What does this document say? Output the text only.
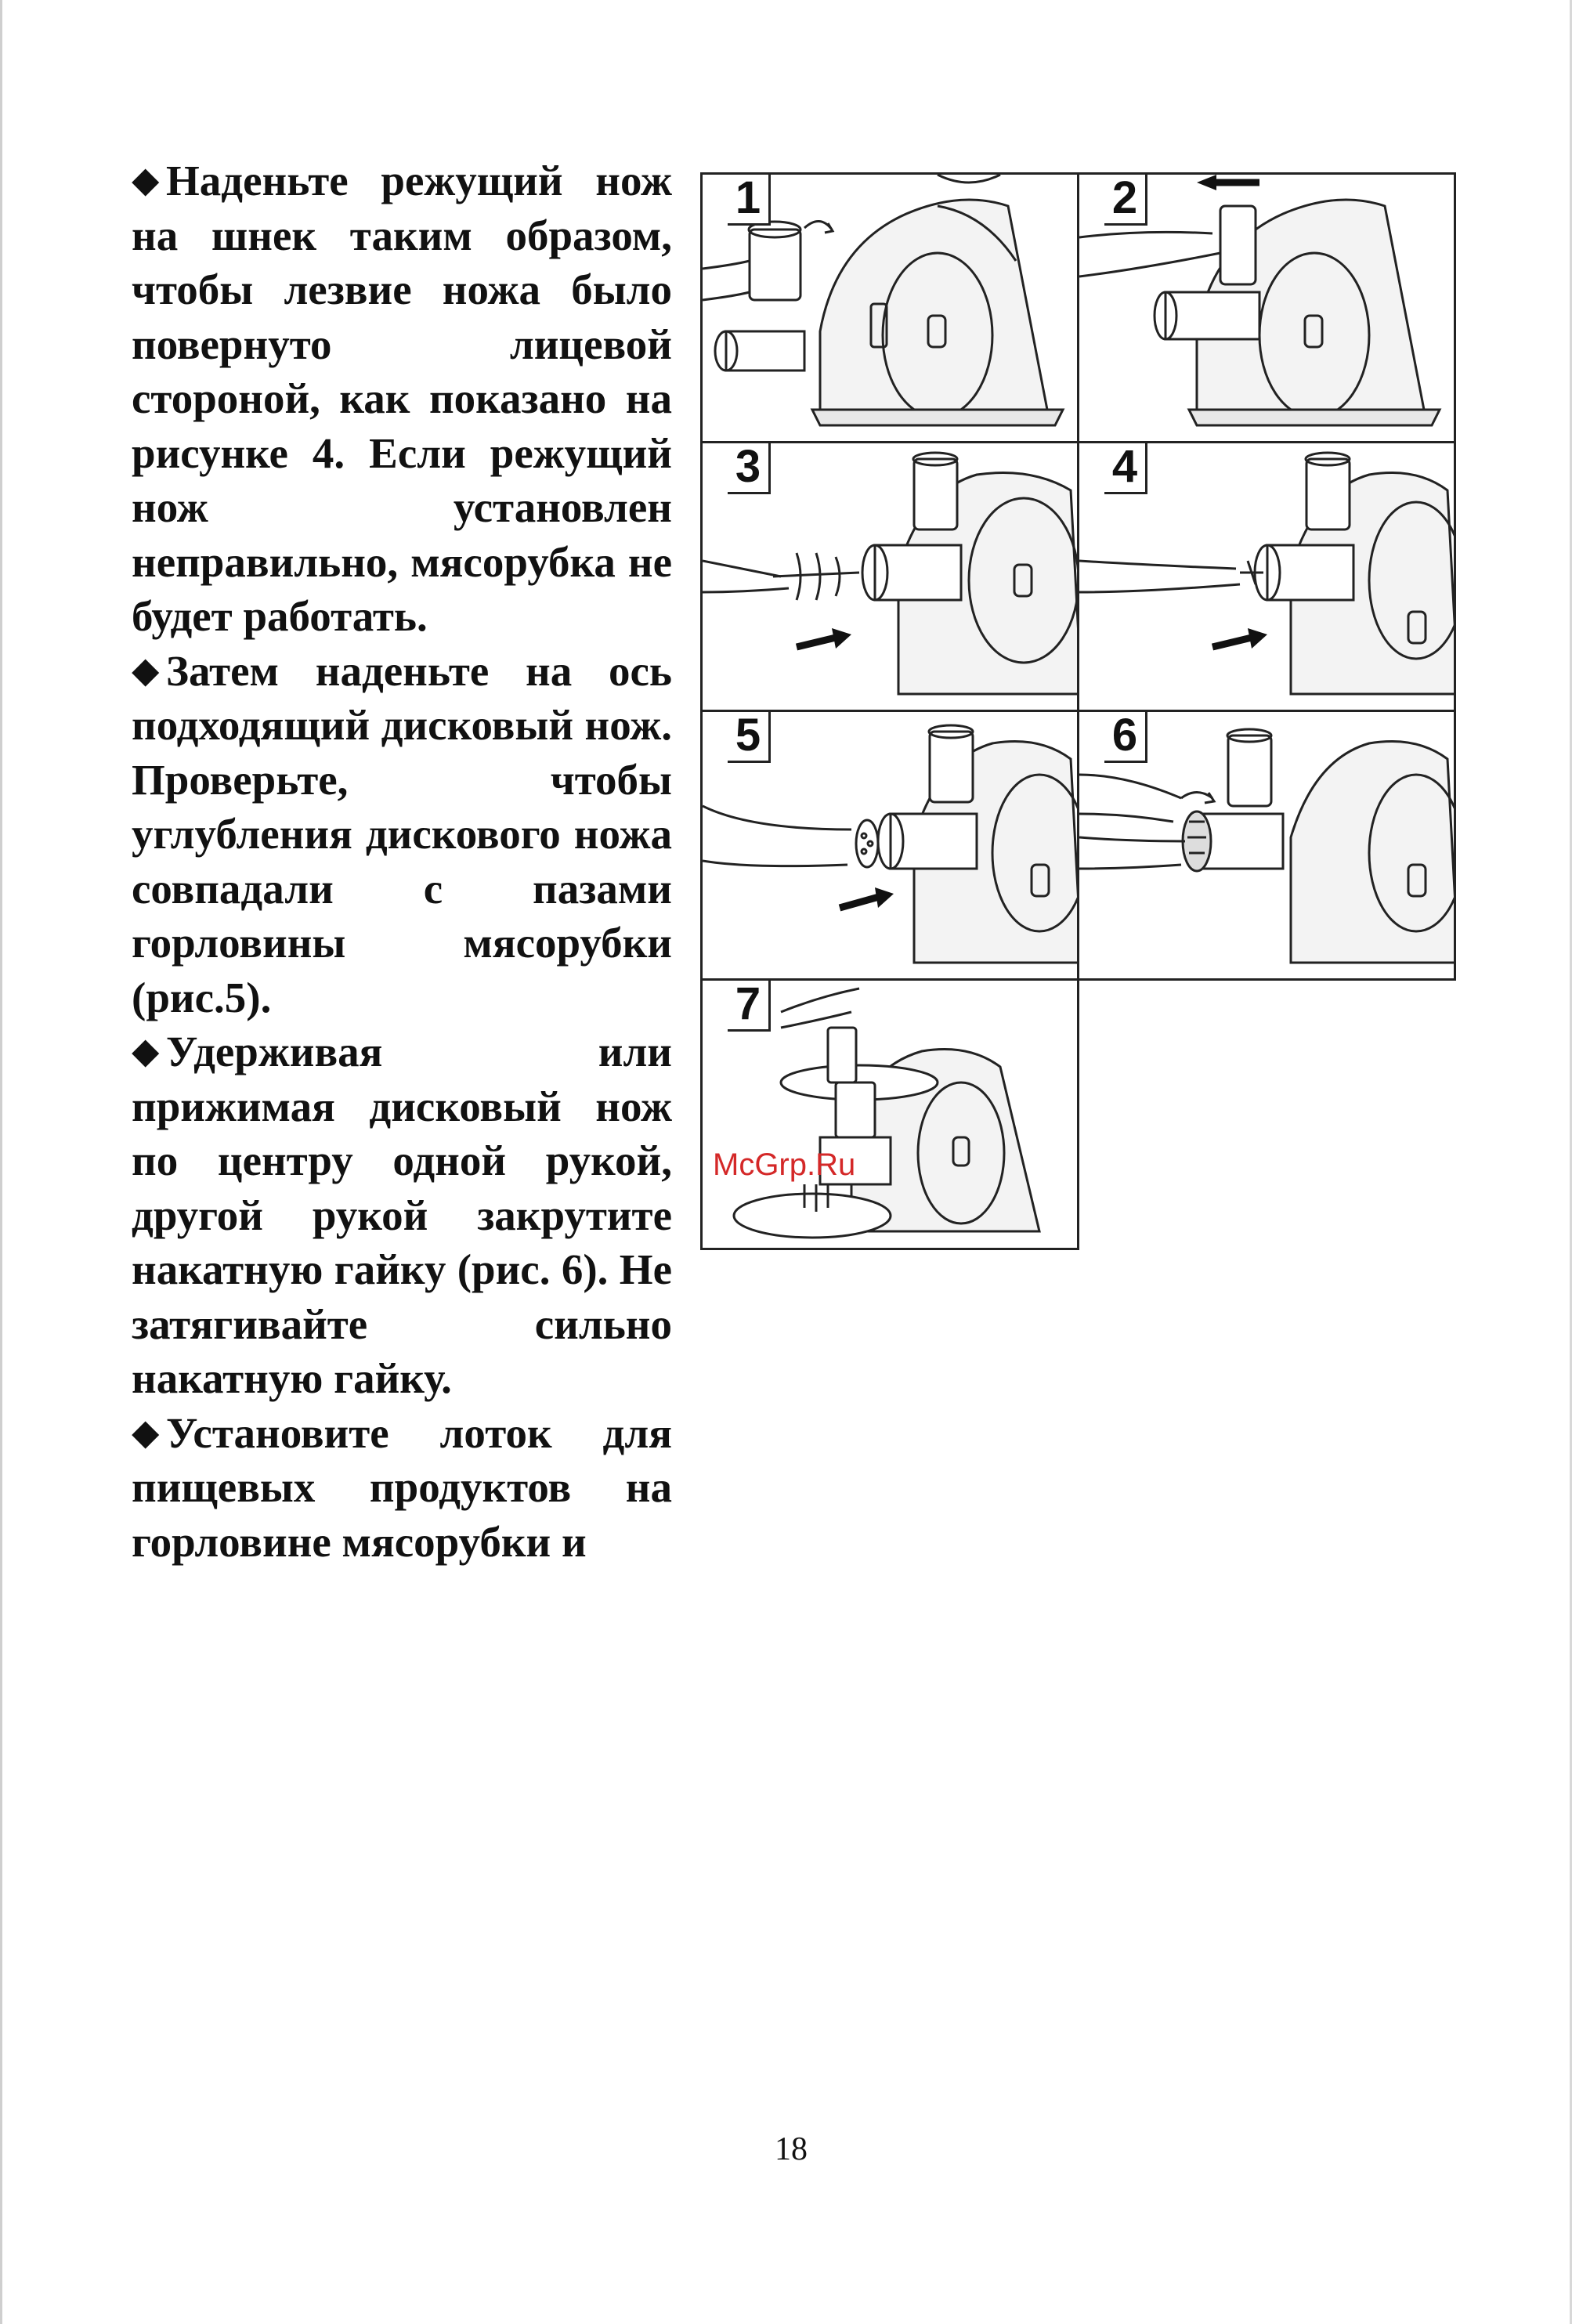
◆ Наденьте режущий нож на шнек таким образом, чтобы лезвие ножа было повернуто лицевой стороной, как показано на рисунке 4. Если режущий нож установлен неправильно, мясорубка не будет работать.

◆ Затем наденьте на ось подходящий дисковый нож. Проверьте, чтобы углубления дискового ножа совпадали с пазами горловины мясорубки (рис.5).

◆ Удерживая или прижимая дисковый нож по центру одной рукой, другой рукой закрутите накатную гайку (рис. 6). Не затягивайте сильно накатную гайку.

◆ Установите лоток для пищевых продуктов на горловине мясорубки и

1	2
3	4
5	6
7
McGrp.Ru
18
